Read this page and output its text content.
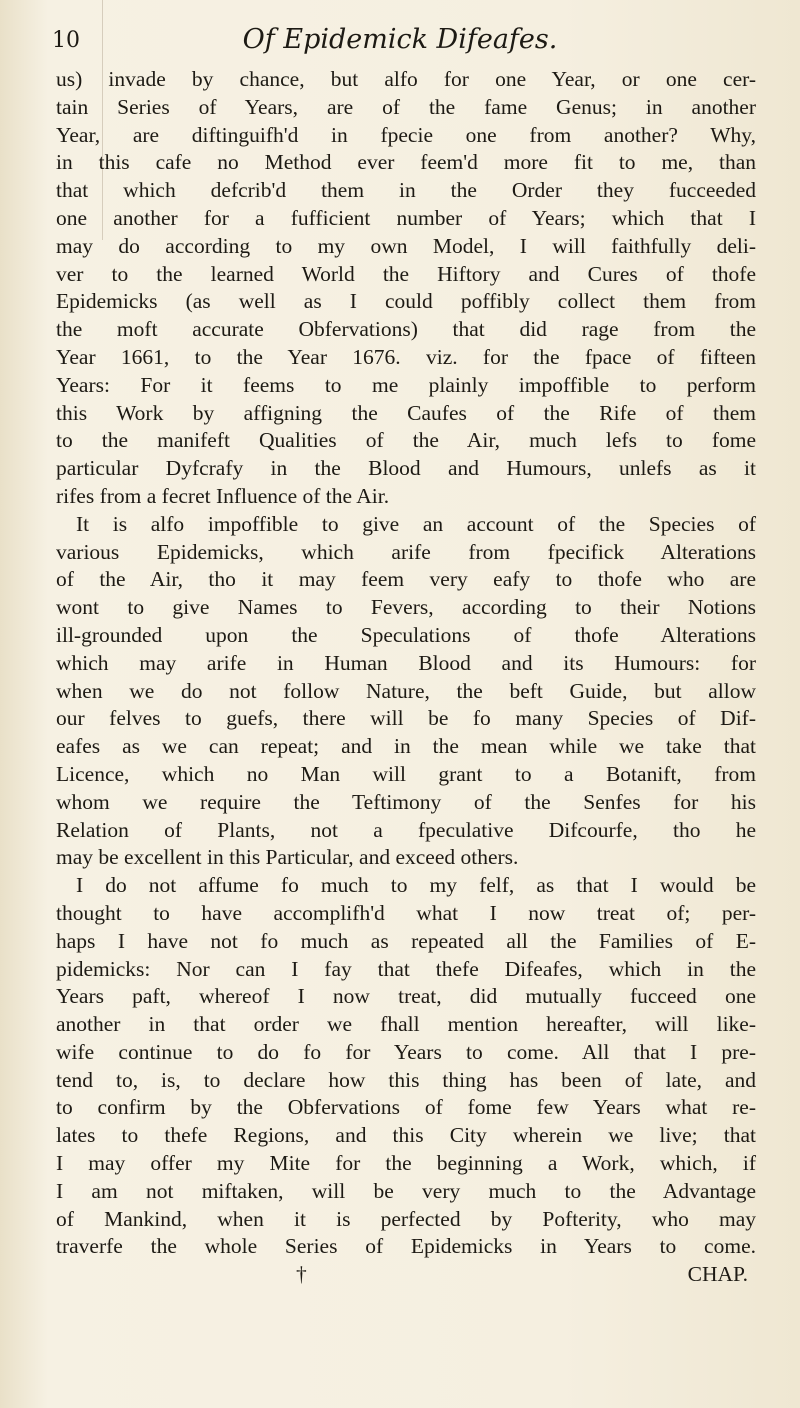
10	Of Epidemick Difeafes.
us) invade by chance, but alfo for one Year, or one cer-
tain Series of Years, are of the fame Genus; in another
Year, are diftinguifh'd in fpecie one from another? Why,
in this cafe no Method ever feem'd more fit to me, than
that which defcrib'd them in the Order they fucceeded
one another for a fufficient number of Years; which that I
may do according to my own Model, I will faithfully deli-
ver to the learned World the Hiftory and Cures of thofe
Epidemicks (as well as I could poffibly collect them from
the moft accurate Obfervations) that did rage from the
Year 1661, to the Year 1676. viz. for the fpace of fifteen
Years: For it feems to me plainly impoffible to perform
this Work by affigning the Caufes of the Rife of them
to the manifeft Qualities of the Air, much lefs to fome
particular Dyfcrafy in the Blood and Humours, unlefs as it
rifes from a fecret Influence of the Air.
It is alfo impoffible to give an account of the Species of
various Epidemicks, which arife from fpecifick Alterations
of the Air, tho it may feem very eafy to thofe who are
wont to give Names to Fevers, according to their Notions
ill-grounded upon the Speculations of thofe Alterations
which may arife in Human Blood and its Humours: for
when we do not follow Nature, the beft Guide, but allow
our felves to guefs, there will be fo many Species of Dif-
eafes as we can repeat; and in the mean while we take that
Licence, which no Man will grant to a Botanift, from
whom we require the Teftimony of the Senfes for his
Relation of Plants, not a fpeculative Difcourfe, tho he
may be excellent in this Particular, and exceed others.
I do not affume fo much to my felf, as that I would be
thought to have accomplifh'd what I now treat of; per-
haps I have not fo much as repeated all the Families of E-
pidemicks: Nor can I fay that thefe Difeafes, which in the
Years paft, whereof I now treat, did mutually fucceed one
another in that order we fhall mention hereafter, will like-
wife continue to do fo for Years to come. All that I pre-
tend to, is, to declare how this thing has been of late, and
to confirm by the Obfervations of fome few Years what re-
lates to thefe Regions, and this City wherein we live; that
I may offer my Mite for the beginning a Work, which, if
I am not miftaken, will be very much to the Advantage
of Mankind, when it is perfected by Pofterity, who may
traverfe the whole Series of Epidemicks in Years to come.
†	CHAP.
